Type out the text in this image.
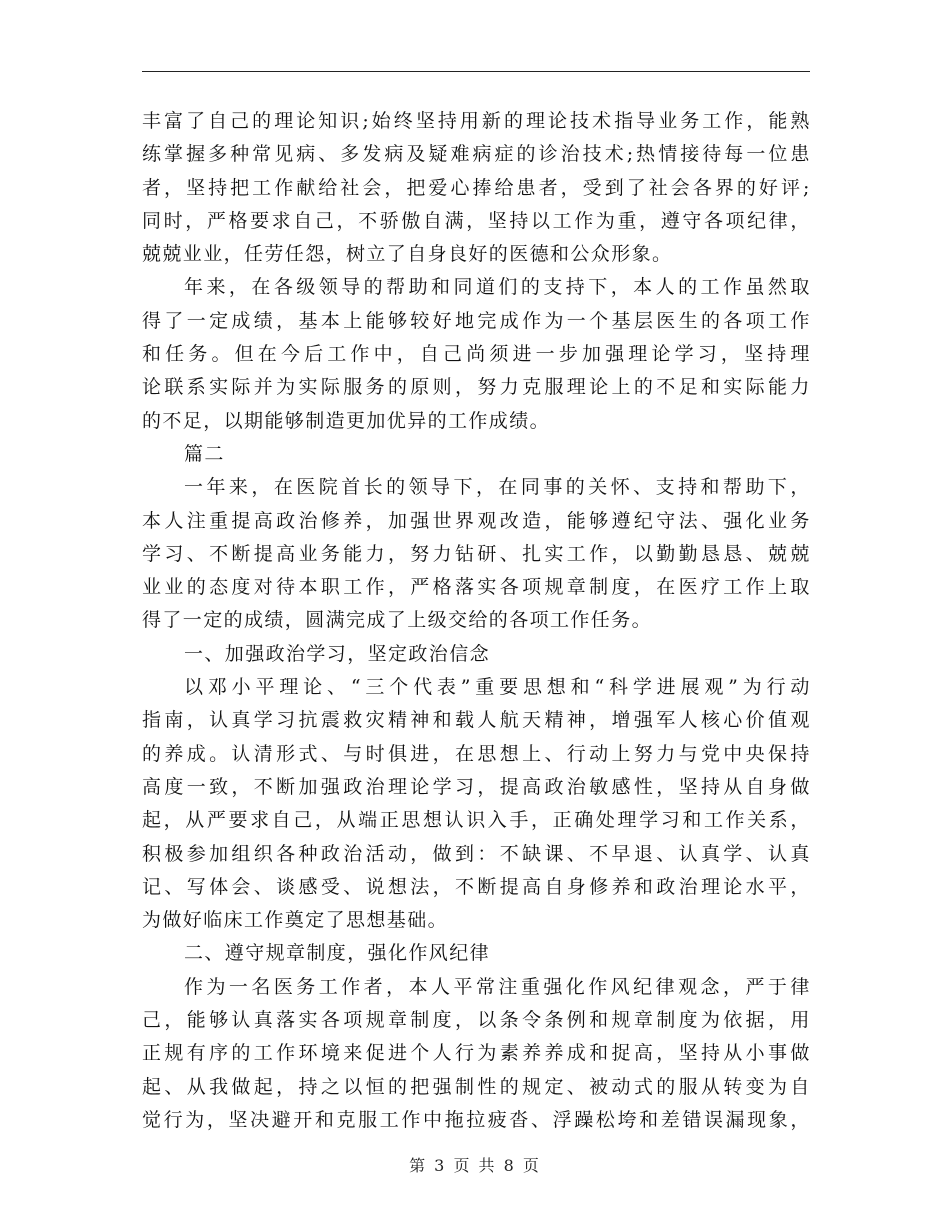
丰富了自己的理论知识;始终坚持用新的理论技术指导业务工作，能熟
练掌握多种常见病、多发病及疑难病症的诊治技术;热情接待每一位患
者，坚持把工作献给社会，把爱心捧给患者，受到了社会各界的好评;
同时，严格要求自己，不骄傲自满，坚持以工作为重，遵守各项纪律，
兢兢业业，任劳任怨，树立了自身良好的医德和公众形象。
年来，在各级领导的帮助和同道们的支持下，本人的工作虽然取
得了一定成绩，基本上能够较好地完成作为一个基层医生的各项工作
和任务。但在今后工作中，自己尚须进一步加强理论学习，坚持理
论联系实际并为实际服务的原则，努力克服理论上的不足和实际能力
的不足，以期能够制造更加优异的工作成绩。
篇二
一年来，在医院首长的领导下，在同事的关怀、支持和帮助下，
本人注重提高政治修养，加强世界观改造，能够遵纪守法、强化业务
学习、不断提高业务能力，努力钻研、扎实工作，以勤勤恳恳、兢兢
业业的态度对待本职工作，严格落实各项规章制度，在医疗工作上取
得了一定的成绩，圆满完成了上级交给的各项工作任务。
一、加强政治学习，坚定政治信念
以邓小平理论、“三个代表”重要思想和“科学进展观”为行动
指南，认真学习抗震救灾精神和载人航天精神，增强军人核心价值观
的养成。认清形式、与时俱进，在思想上、行动上努力与党中央保持
高度一致，不断加强政治理论学习，提高政治敏感性，坚持从自身做
起，从严要求自己，从端正思想认识入手，正确处理学习和工作关系，
积极参加组织各种政治活动，做到：不缺课、不早退、认真学、认真
记、写体会、谈感受、说想法，不断提高自身修养和政治理论水平，
为做好临床工作奠定了思想基础。
二、遵守规章制度，强化作风纪律
作为一名医务工作者，本人平常注重强化作风纪律观念，严于律
己，能够认真落实各项规章制度，以条令条例和规章制度为依据，用
正规有序的工作环境来促进个人行为素养养成和捉高，坚持从小事做
起、从我做起，持之以恒的把强制性的规定、被动式的服从转变为自
觉行为，坚决避开和克服工作中拖拉疲沓、浮躁松垮和差错误漏现象，
第 3 页 共 8 页
